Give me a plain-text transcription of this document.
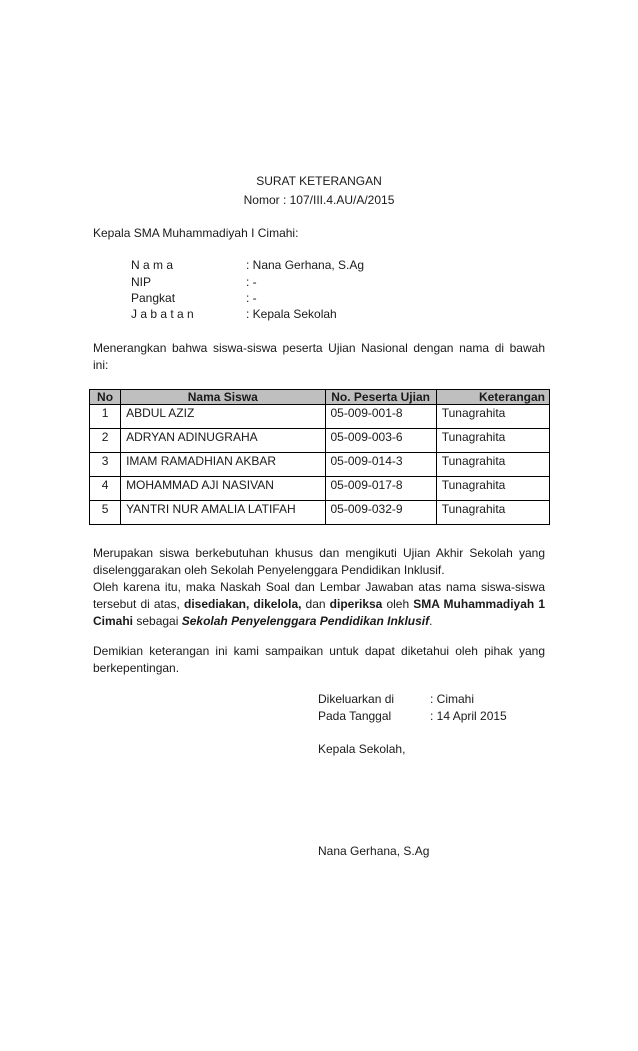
SURAT KETERANGAN
Nomor : 107/III.4.AU/A/2015
Kepala SMA Muhammadiyah I Cimahi:
N a m a	: Nana Gerhana, S.Ag
NIP	: -
Pangkat	: -
J a b a t a n	: Kepala Sekolah
Menerangkan bahwa siswa-siswa peserta Ujian Nasional dengan nama di bawah
ini:
No	Nama Siswa	No. Peserta Ujian	Keterangan
1	ABDUL AZIZ	05-009-001-8	Tunagrahita
2	ADRYAN ADINUGRAHA	05-009-003-6	Tunagrahita
3	IMAM RAMADHIAN AKBAR	05-009-014-3	Tunagrahita
4	MOHAMMAD AJI NASIVAN	05-009-017-8	Tunagrahita
5	YANTRI NUR AMALIA LATIFAH	05-009-032-9	Tunagrahita
Merupakan siswa berkebutuhan khusus dan mengikuti Ujian Akhir Sekolah yang
diselenggarakan oleh Sekolah Penyelenggara Pendidikan Inklusif.
Oleh karena itu, maka Naskah Soal dan Lembar Jawaban atas nama siswa-siswa
tersebut di atas, disediakan, dikelola, dan diperiksa oleh SMA Muhammadiyah 1
Cimahi sebagai Sekolah Penyelenggara Pendidikan Inklusif.
Demikian keterangan ini kami sampaikan untuk dapat diketahui oleh pihak yang
berkepentingan.
Dikeluarkan di	: Cimahi
Pada Tanggal	: 14 April 2015
Kepala Sekolah,
Nana Gerhana, S.Ag
